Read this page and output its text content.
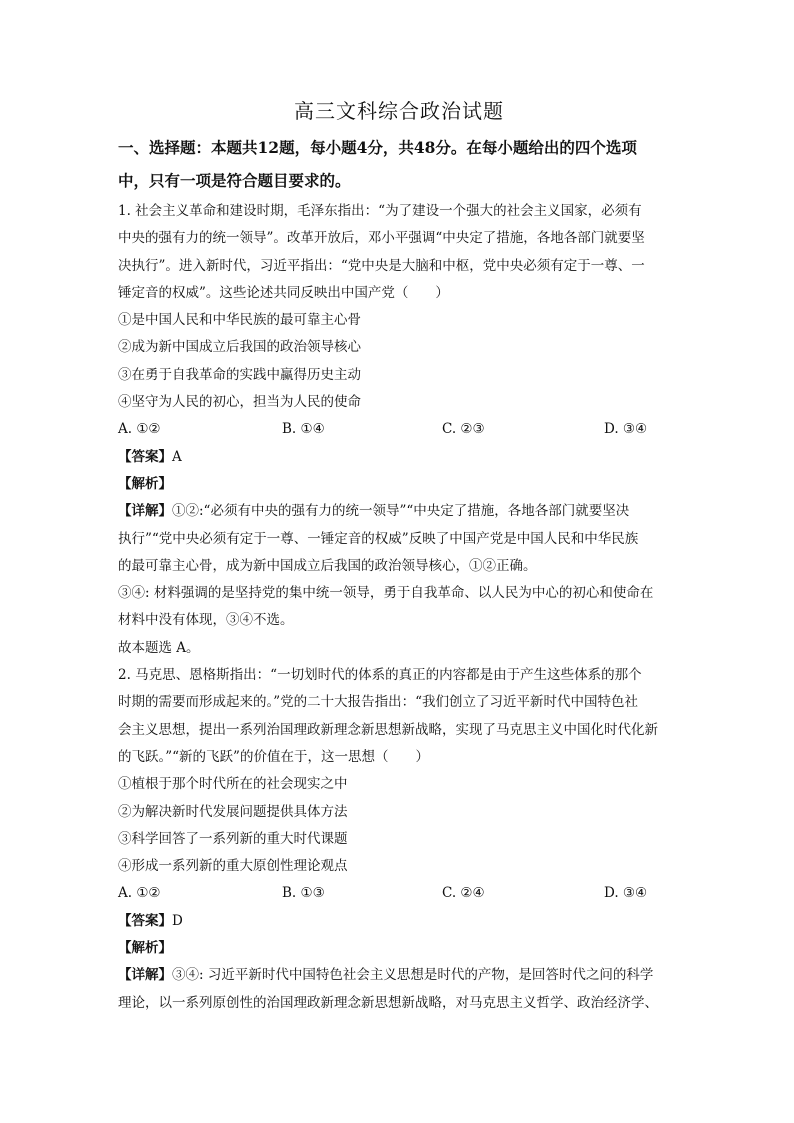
高三文科综合政治试题
一、选择题：本题共12题，每小题4分，共48分。在每小题给出的四个选项
中，只有一项是符合题目要求的。

1. 社会主义革命和建设时期，毛泽东指出：“为了建设一个强大的社会主义国家，必须有

中央的强有力的统一领导”。改革开放后，邓小平强调“中央定了措施，各地各部门就要坚

决执行”。进入新时代，习近平指出：“党中央是大脑和中枢，党中央必须有定于一尊、一

锤定音的权威”。这些论述共同反映出中国产党（　　）

①是中国人民和中华民族的最可靠主心骨

②成为新中国成立后我国的政治领导核心

③在勇于自我革命的实践中赢得历史主动

④坚守为人民的初心，担当为人民的使命

A. ①②	B. ①④	C. ②③	D. ③④

【答案】A

【解析】

【详解】①②:“必须有中央的强有力的统一领导”“中央定了措施，各地各部门就要坚决

执行”“党中央必须有定于一尊、一锤定音的权威”反映了中国产党是中国人民和中华民族

的最可靠主心骨，成为新中国成立后我国的政治领导核心，①②正确。

③④: 材料强调的是坚持党的集中统一领导，勇于自我革命、以人民为中心的初心和使命在

材料中没有体现，③④不选。

故本题选 A。

2. 马克思、恩格斯指出：“一切划时代的体系的真正的内容都是由于产生这些体系的那个

时期的需要而形成起来的。”党的二十大报告指出：“我们创立了习近平新时代中国特色社

会主义思想，提出一系列治国理政新理念新思想新战略，实现了马克思主义中国化时代化新

的飞跃。”“新的飞跃”的价值在于，这一思想（　　）

①植根于那个时代所在的社会现实之中

②为解决新时代发展问题提供具体方法

③科学回答了一系列新的重大时代课题

④形成一系列新的重大原创性理论观点

A. ①②	B. ①③	C. ②④	D. ③④

【答案】D

【解析】

【详解】③④: 习近平新时代中国特色社会主义思想是时代的产物，是回答时代之问的科学

理论，以一系列原创性的治国理政新理念新思想新战略，对马克思主义哲学、政治经济学、
